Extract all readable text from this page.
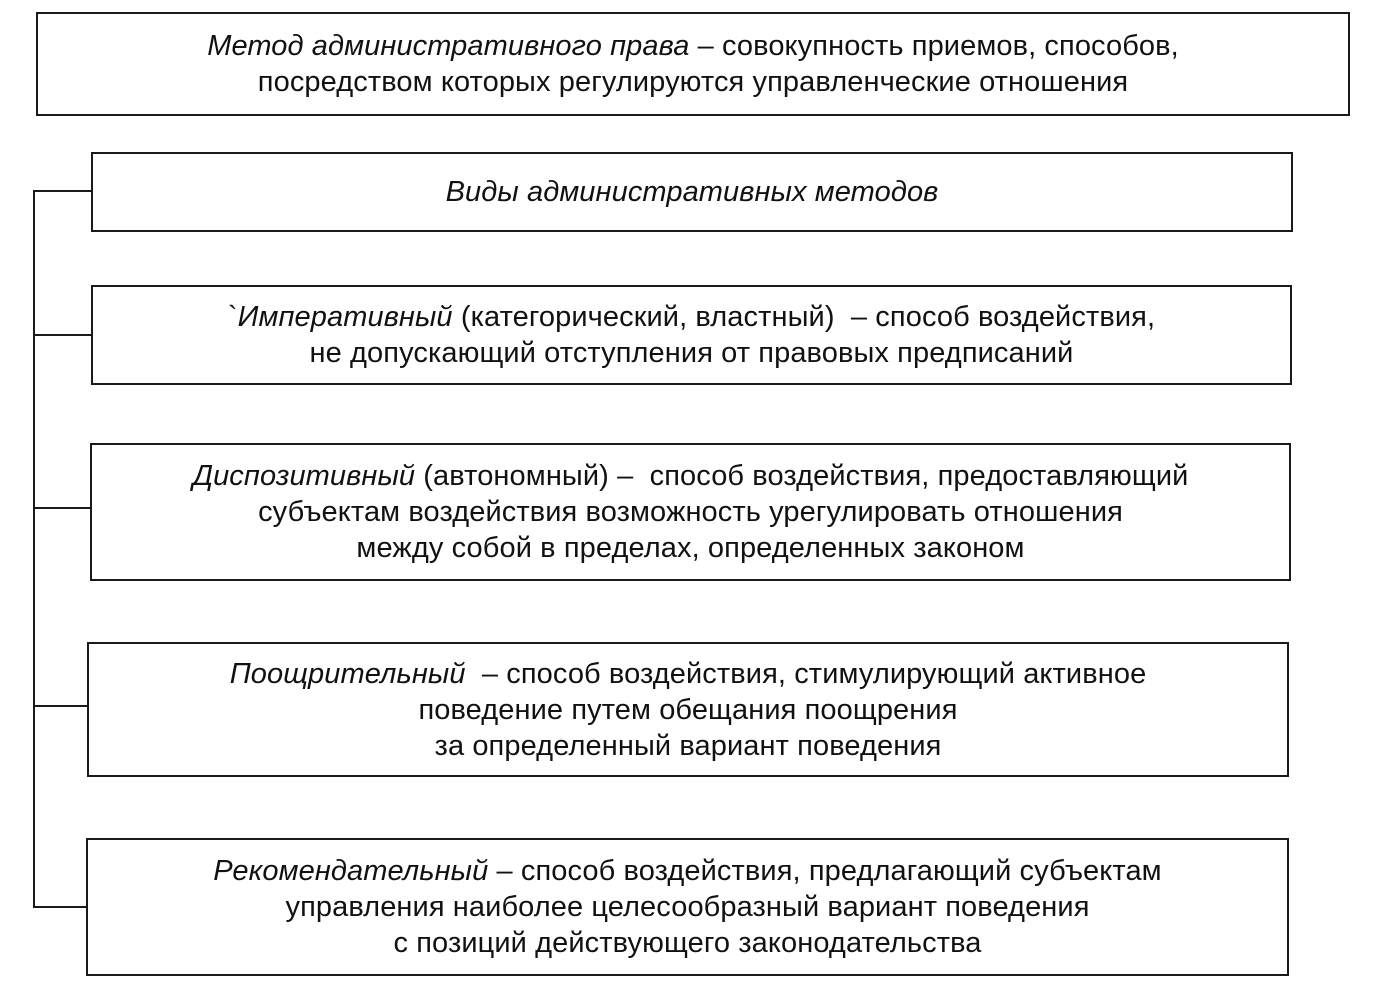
Метод административного права – совокупность приемов, способов,
посредством которых регулируются управленческие отношения
Виды административных методов
`Императивный (категорический, властный)  – способ воздействия,
не допускающий отступления от правовых предписаний
Диспозитивный (автономный) –  способ воздействия, предоставляющий
субъектам воздействия возможность урегулировать отношения
между собой в пределах, определенных законом
Поощрительный  – способ воздействия, стимулирующий активное
поведение путем обещания поощрения
за определенный вариант поведения
Рекомендательный – способ воздействия, предлагающий субъектам
управления наиболее целесообразный вариант поведения
с позиций действующего законодательства
